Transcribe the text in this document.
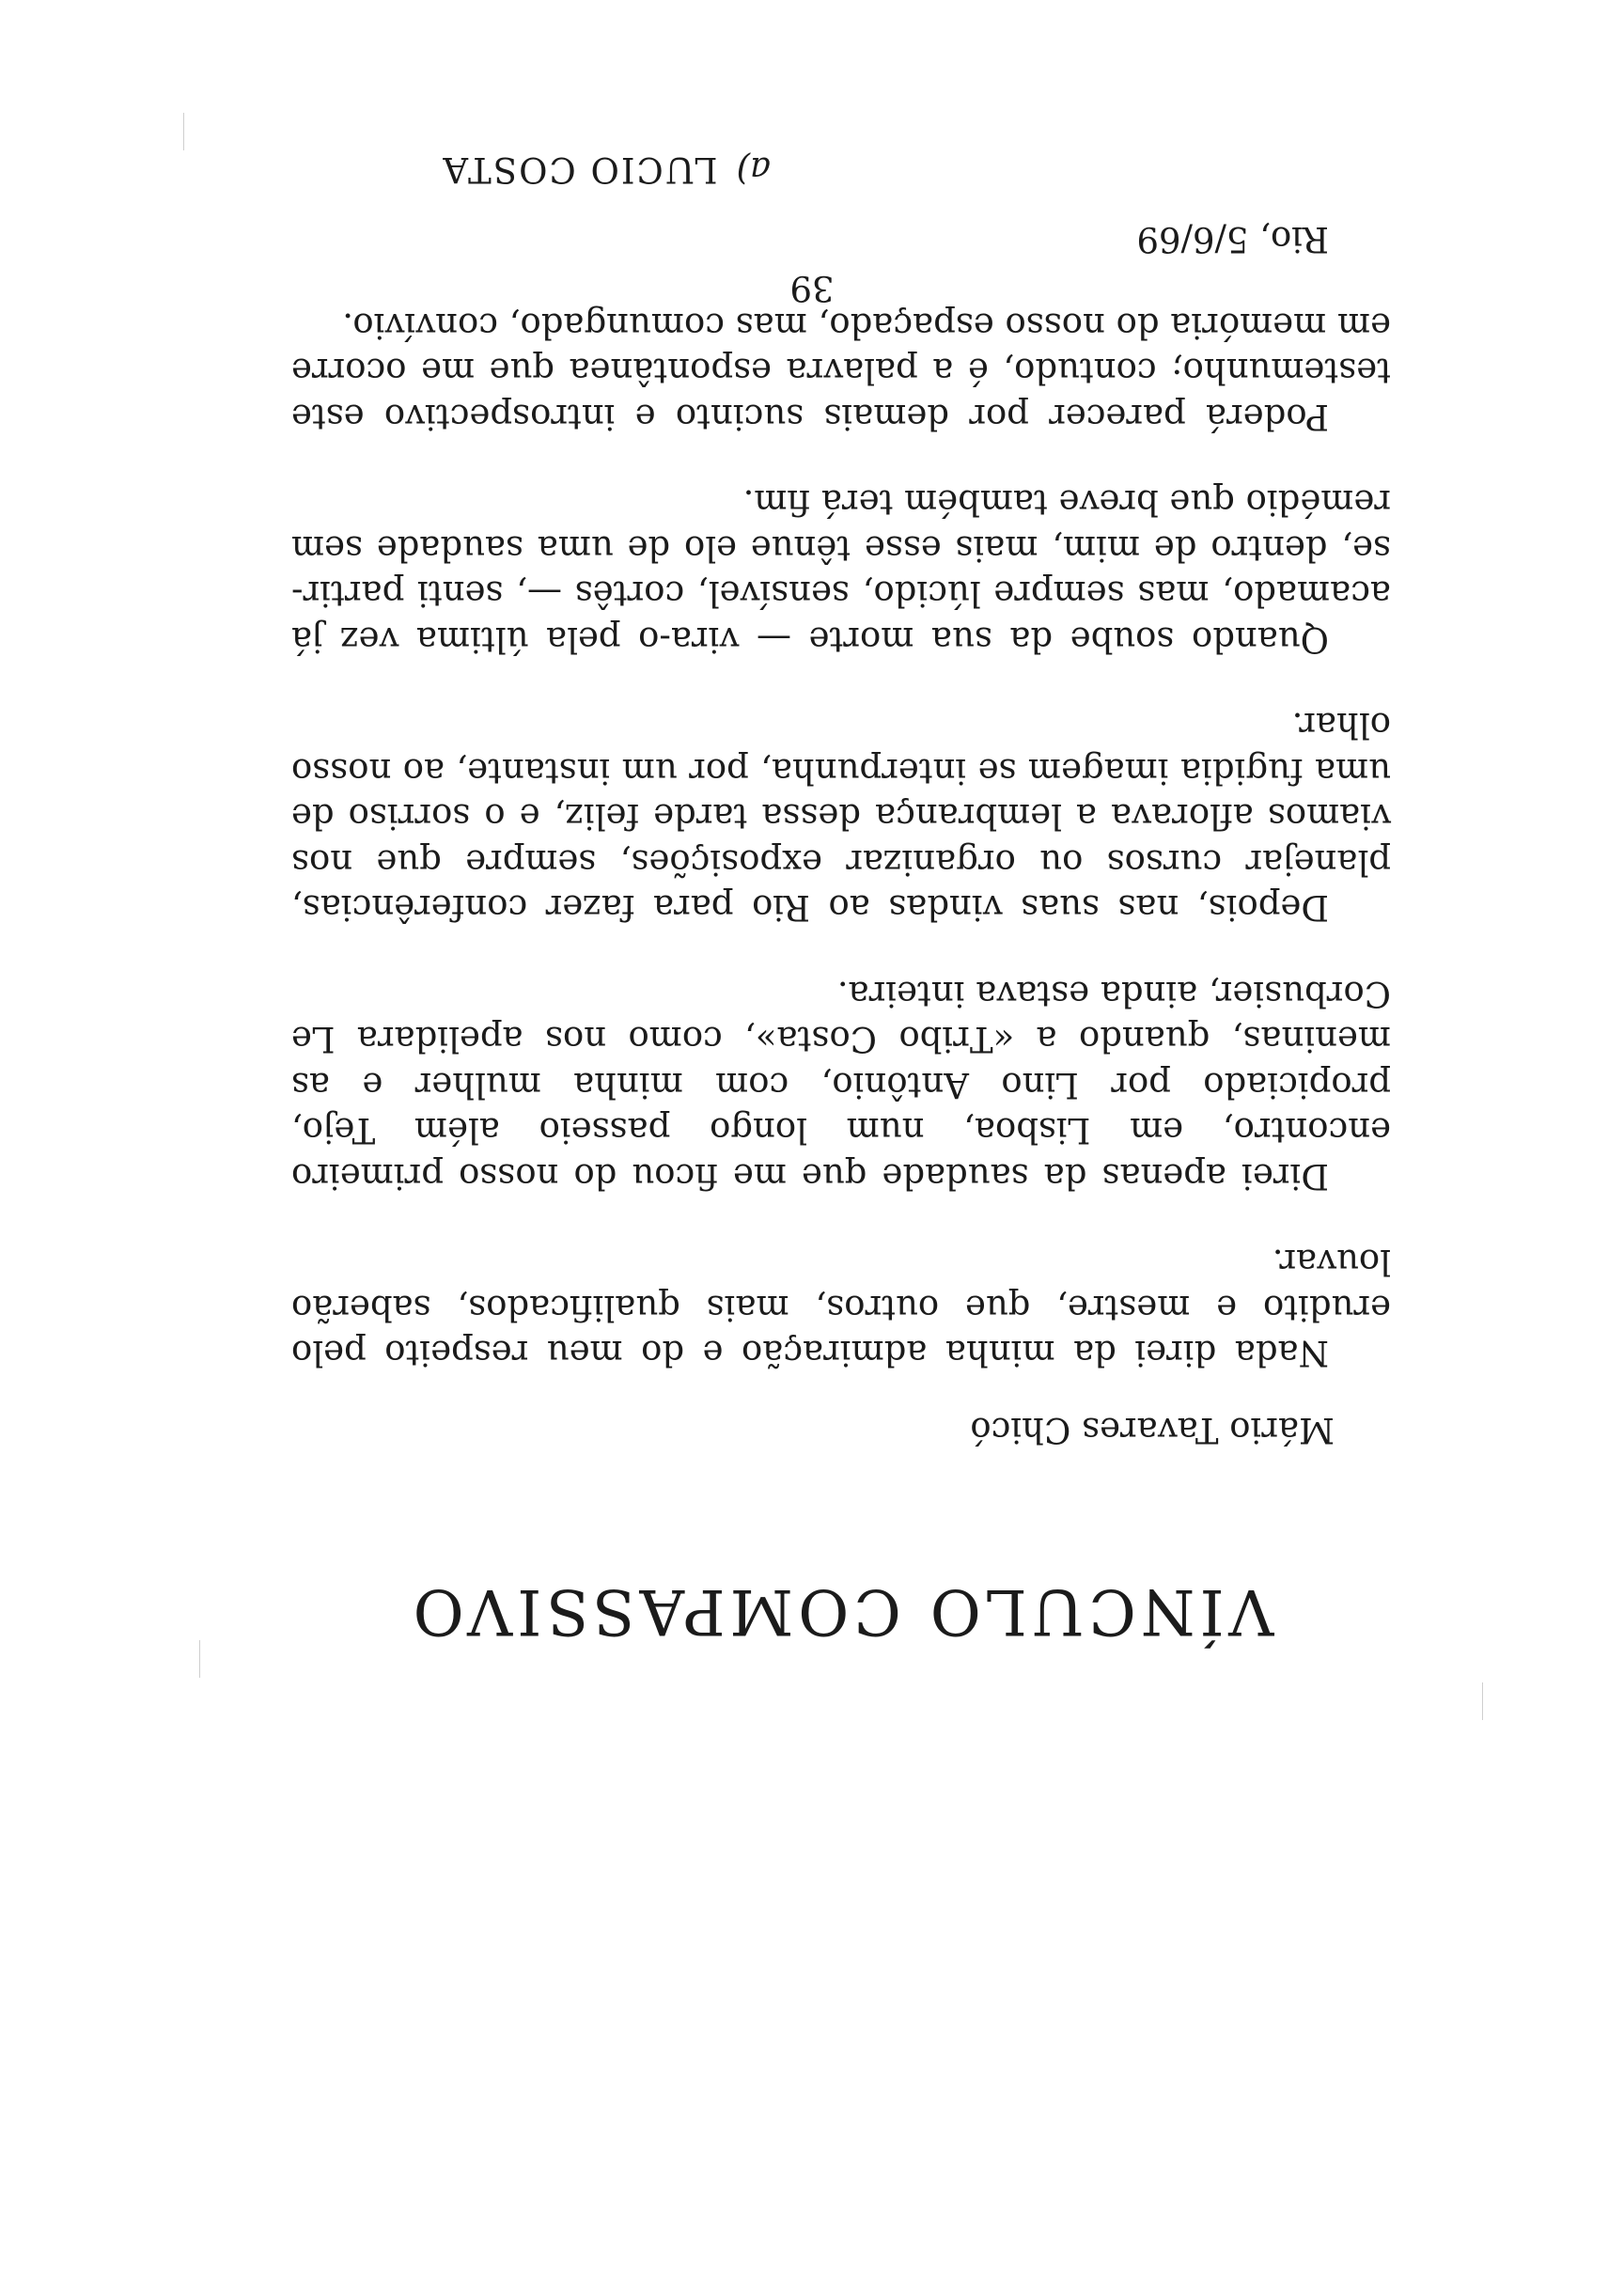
VÍNCULO COMPASSIVO

Mário Tavares Chicó

Nada direi da minha admiração e do meu respeito pelo erudito e mestre, que outros, mais qualificados, saberão louvar.

Direi apenas da saudade que me ficou do nosso primeiro encontro, em Lisboa, num longo passeio além Tejo, propiciado por Lino Antônio, com minha mulher e as meninas, quando a «Tribo Costa», como nos apelidara Le Corbusier, ainda estava inteira.

Depois, nas suas vindas ao Rio para fazer conferências, planejar cursos ou organizar exposições, sempre que nos viamos aflorava a lembrança dessa tarde feliz, e o sorriso de uma fugidia imagem se interpunha, por um instante, ao nosso olhar.

Quando soube da sua morte — vira-o pela última vez já acamado, mas sempre lúcido, sensível, cortês —, senti partir-se, dentro de mim, mais esse tênue elo de uma saudade sem remédio que breve também terá fim.

Poderá parecer por demais sucinto e introspectivo este testemunho; contudo, é a palavra espontânea que me ocorre em memória do nosso espaçado, mas comungado, convívio.

Rio, 5/6/69

a)LUCIO COSTA

39
